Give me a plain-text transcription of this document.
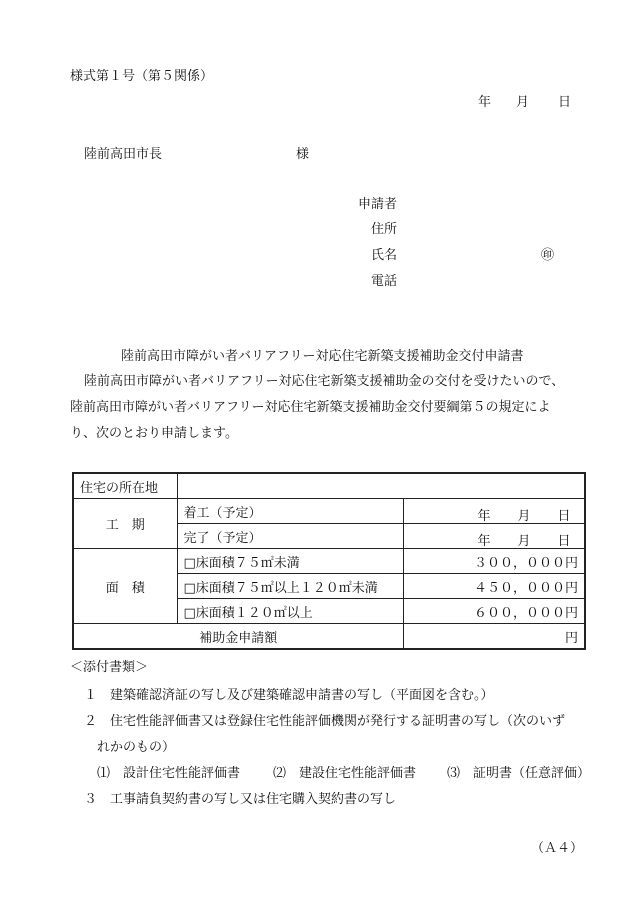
様式第１号（第５関係）
年 月 日
陸前高田市長	様
申請者
住所
氏名	㊞
電話
陸前高田市障がい者バリアフリー対応住宅新築支援補助金交付申請書
陸前高田市障がい者バリアフリー対応住宅新築支援補助金の交付を受けたいので、
陸前高田市障がい者バリアフリー対応住宅新築支援補助金交付要綱第５の規定によ
り、次のとおり申請します。
住宅の所在地		
工　期	着工（予定）	年 月 日

	完了（予定）	年 月 日

面　積	□床面積７５㎡未満	３００，０００円
	□床面積７５㎡以上１２０㎡未満	４５０，０００円
	□床面積１２０㎡以上	６００，０００円
補助金申請額		円
＜添付書類＞
１　建築確認済証の写し及び建築確認申請書の写し（平面図を含む。）
２　住宅性能評価書又は登録住宅性能評価機関が発行する証明書の写し（次のいず
れかのもの）
⑴　設計住宅性能評価書	⑵　建設住宅性能評価書 ⑶　証明書（任意評価）
３　工事請負契約書の写し又は住宅購入契約書の写し
（Ａ４）
